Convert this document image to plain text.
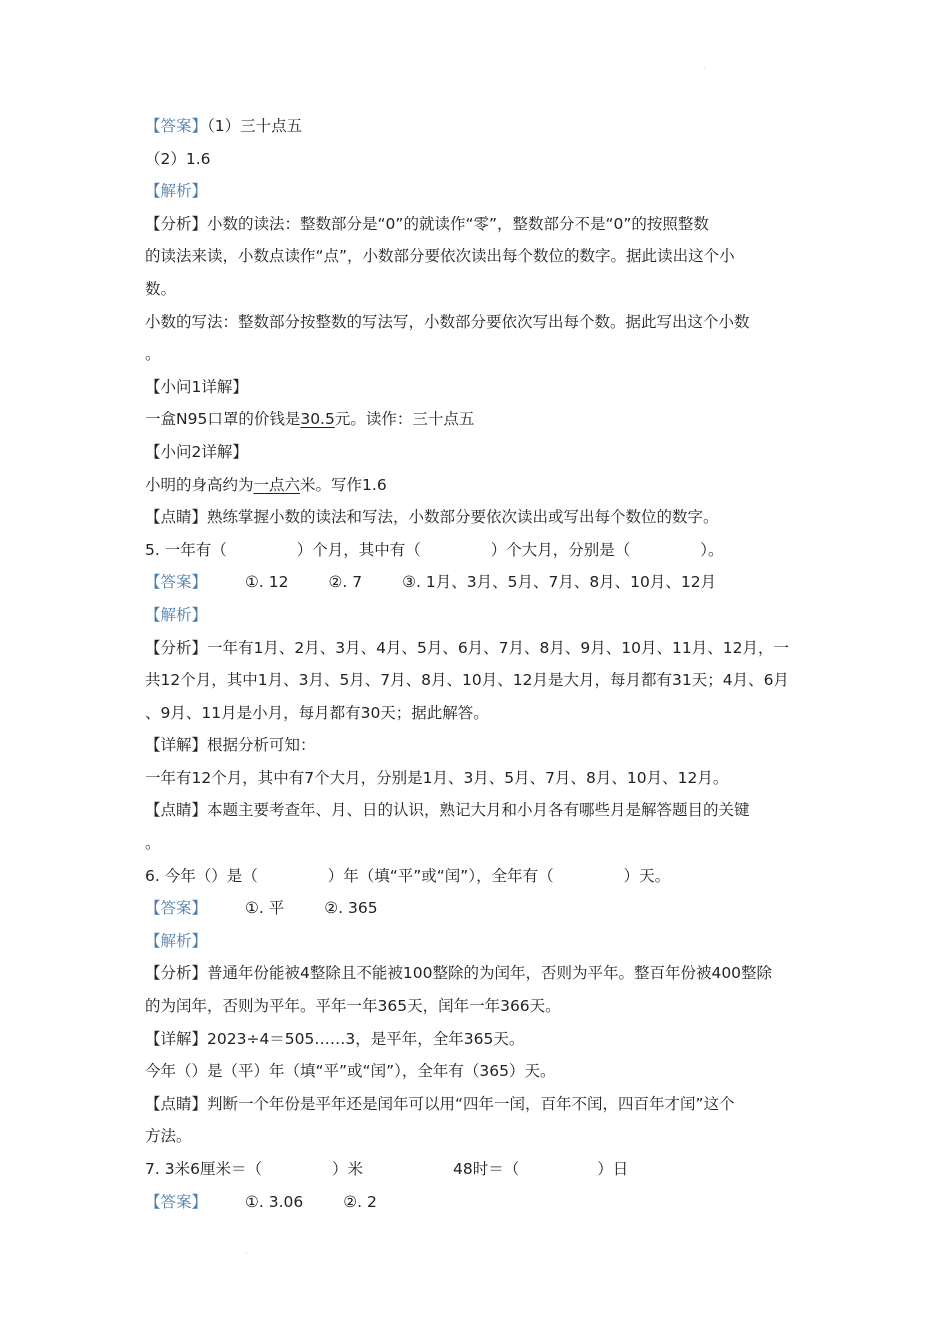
·
【答案】（1）三十点五
（2）1.6
【解析】
【分析】小数的读法：整数部分是“0”的就读作“零”，整数部分不是“0”的按照整数
的读法来读，小数点读作“点”，小数部分要依次读出每个数位的数字。据此读出这个小
数。
小数的写法：整数部分按整数的写法写，小数部分要依次写出每个数。据此写出这个小数
。
【小问1详解】
一盒N95口罩的价钱是30.5元。读作：三十点五
【小问2详解】
小明的身高约为一点六米。写作1.6
【点睛】熟练掌握小数的读法和写法，小数部分要依次读出或写出每个数位的数字。
5. 一年有（	）个月，其中有（	）个大月，分别是（	）。
【答案】 ①. 12	②. 7	③. 1月、3月、5月、7月、8月、10月、12月
【解析】
【分析】一年有1月、2月、3月、4月、5月、6月、7月、8月、9月、10月、11月、12月，一
共12个月，其中1月、3月、5月、7月、8月、10月、12月是大月，每月都有31天；4月、6月
、9月、11月是小月，每月都有30天；据此解答。
【详解】根据分析可知：
一年有12个月，其中有7个大月，分别是1月、3月、5月、7月、8月、10月、12月。
【点睛】本题主要考查年、月、日的认识，熟记大月和小月各有哪些月是解答题目的关键
。
6. 今年（）是（	）年（填“平”或“闰”），全年有（	）天。
【答案】 ①. 平	②. 365
【解析】
【分析】普通年份能被4整除且不能被100整除的为闰年，否则为平年。整百年份被400整除
的为闰年，否则为平年。平年一年365天，闰年一年366天。
【详解】2023÷4＝505……3，是平年，全年365天。
今年（）是（平）年（填“平”或“闰”），全年有（365）天。
【点睛】判断一个年份是平年还是闰年可以用“四年一闰，百年不闰，四百年才闰”这个
方法。
7. 3米6厘米＝（	）米	48时＝（	）日
【答案】 ①. 3.06	②. 2
·
